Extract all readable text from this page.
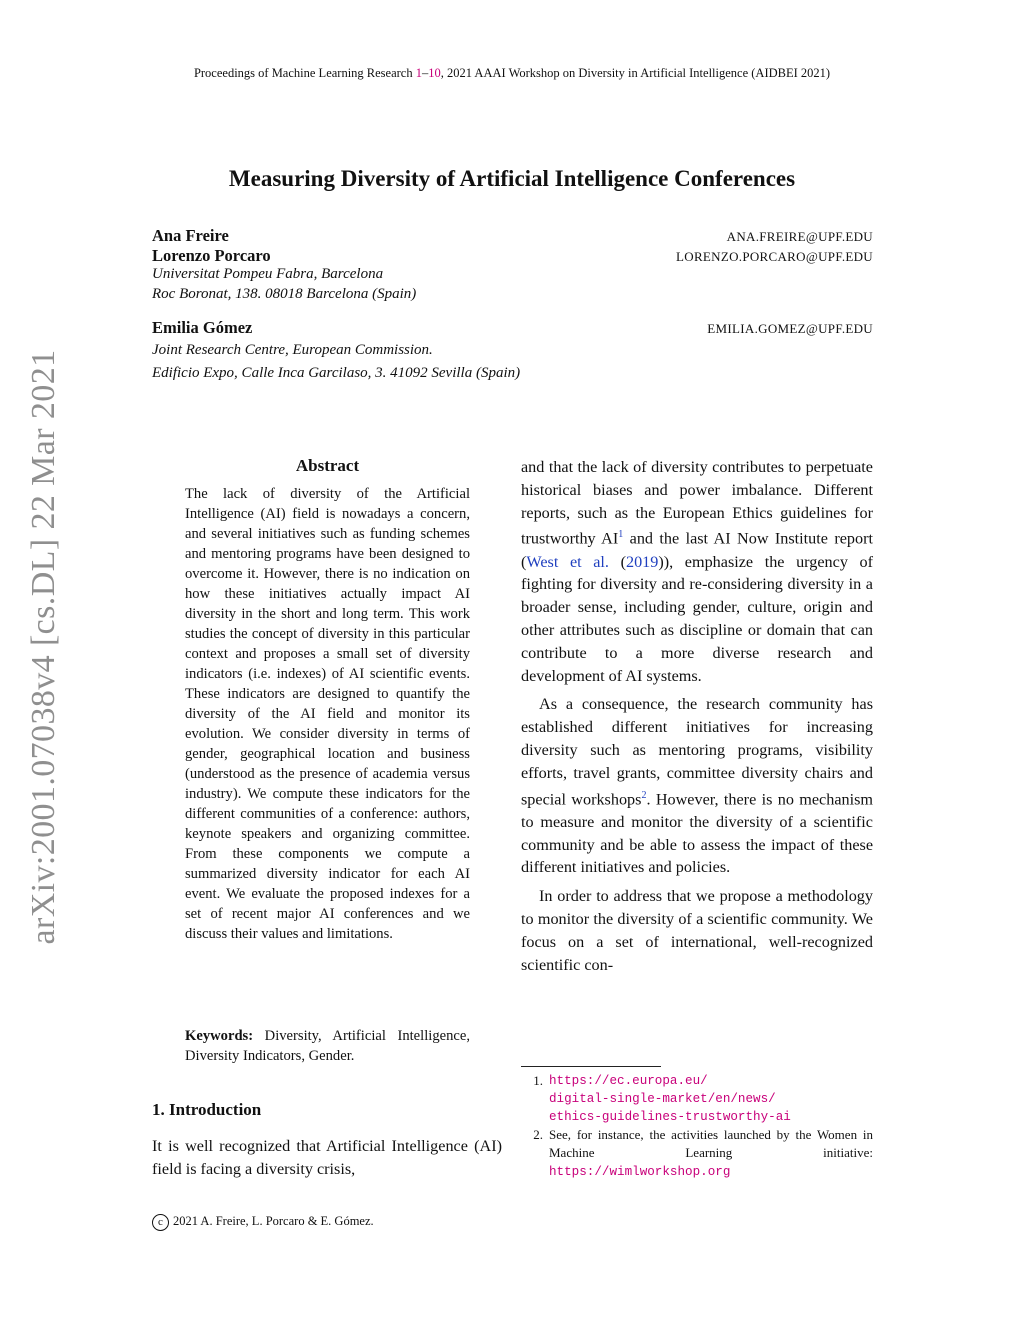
Proceedings of Machine Learning Research 1–10, 2021 AAAI Workshop on Diversity in Artificial Intelligence (AIDBEI 2021)
Measuring Diversity of Artificial Intelligence Conferences
Ana Freire	ANA.FREIRE@UPF.EDU
Lorenzo Porcaro	LORENZO.PORCARO@UPF.EDU
Universitat Pompeu Fabra, Barcelona
Roc Boronat, 138. 08018 Barcelona (Spain)
Emilia Gómez	EMILIA.GOMEZ@UPF.EDU
Joint Research Centre, European Commission.
Edificio Expo, Calle Inca Garcilaso, 3. 41092 Sevilla (Spain)
arXiv:2001.07038v4 [cs.DL] 22 Mar 2021	Abstract
The lack of diversity of the Artificial Intelligence (AI) field is nowadays a concern, and several initiatives such as funding schemes and mentoring programs have been designed to overcome it. However, there is no indication on how these initiatives actually impact AI diversity in the short and long term. This work studies the concept of diversity in this particular context and proposes a small set of diversity indicators (i.e. indexes) of AI scientific events. These indicators are designed to quantify the diversity of the AI field and monitor its evolution. We consider diversity in terms of gender, geographical location and business (understood as the presence of academia versus industry). We compute these indicators for the different communities of a conference: authors, keynote speakers and organizing committee. From these components we compute a summarized diversity indicator for each AI event. We evaluate the proposed indexes for a set of recent major AI conferences and we discuss their values and limitations.
Keywords: Diversity, Artificial Intelligence, Diversity Indicators, Gender.
1. Introduction
It is well recognized that Artificial Intelligence (AI) field is facing a diversity crisis,

and that the lack of diversity contributes to perpetuate historical biases and power imbalance. Different reports, such as the European Ethics guidelines for trustworthy AI$^1$ and the last AI Now Institute report (West et al. (2019)), emphasize the urgency of fighting for diversity and re-considering diversity in a broader sense, including gender, culture, origin and other attributes such as discipline or domain that can contribute to a more diverse research and development of AI systems.

As a consequence, the research community has established different initiatives for increasing diversity such as mentoring programs, visibility efforts, travel grants, committee diversity chairs and special workshops$^2$. However, there is no mechanism to measure and monitor the diversity of a scientific community and be able to assess the impact of these different initiatives and policies.

In order to address that we propose a methodology to monitor the diversity of a scientific community. We focus on a set of international, well-recognized scientific con-

1. https://ec.europa.eu/
digital-single-market/en/news/
ethics-guidelines-trustworthy-ai
2. See, for instance, the activities launched by the Women in Machine Learning initiative: https://wimlworkshop.org
c 2021 A. Freire, L. Porcaro & E. Gómez.
